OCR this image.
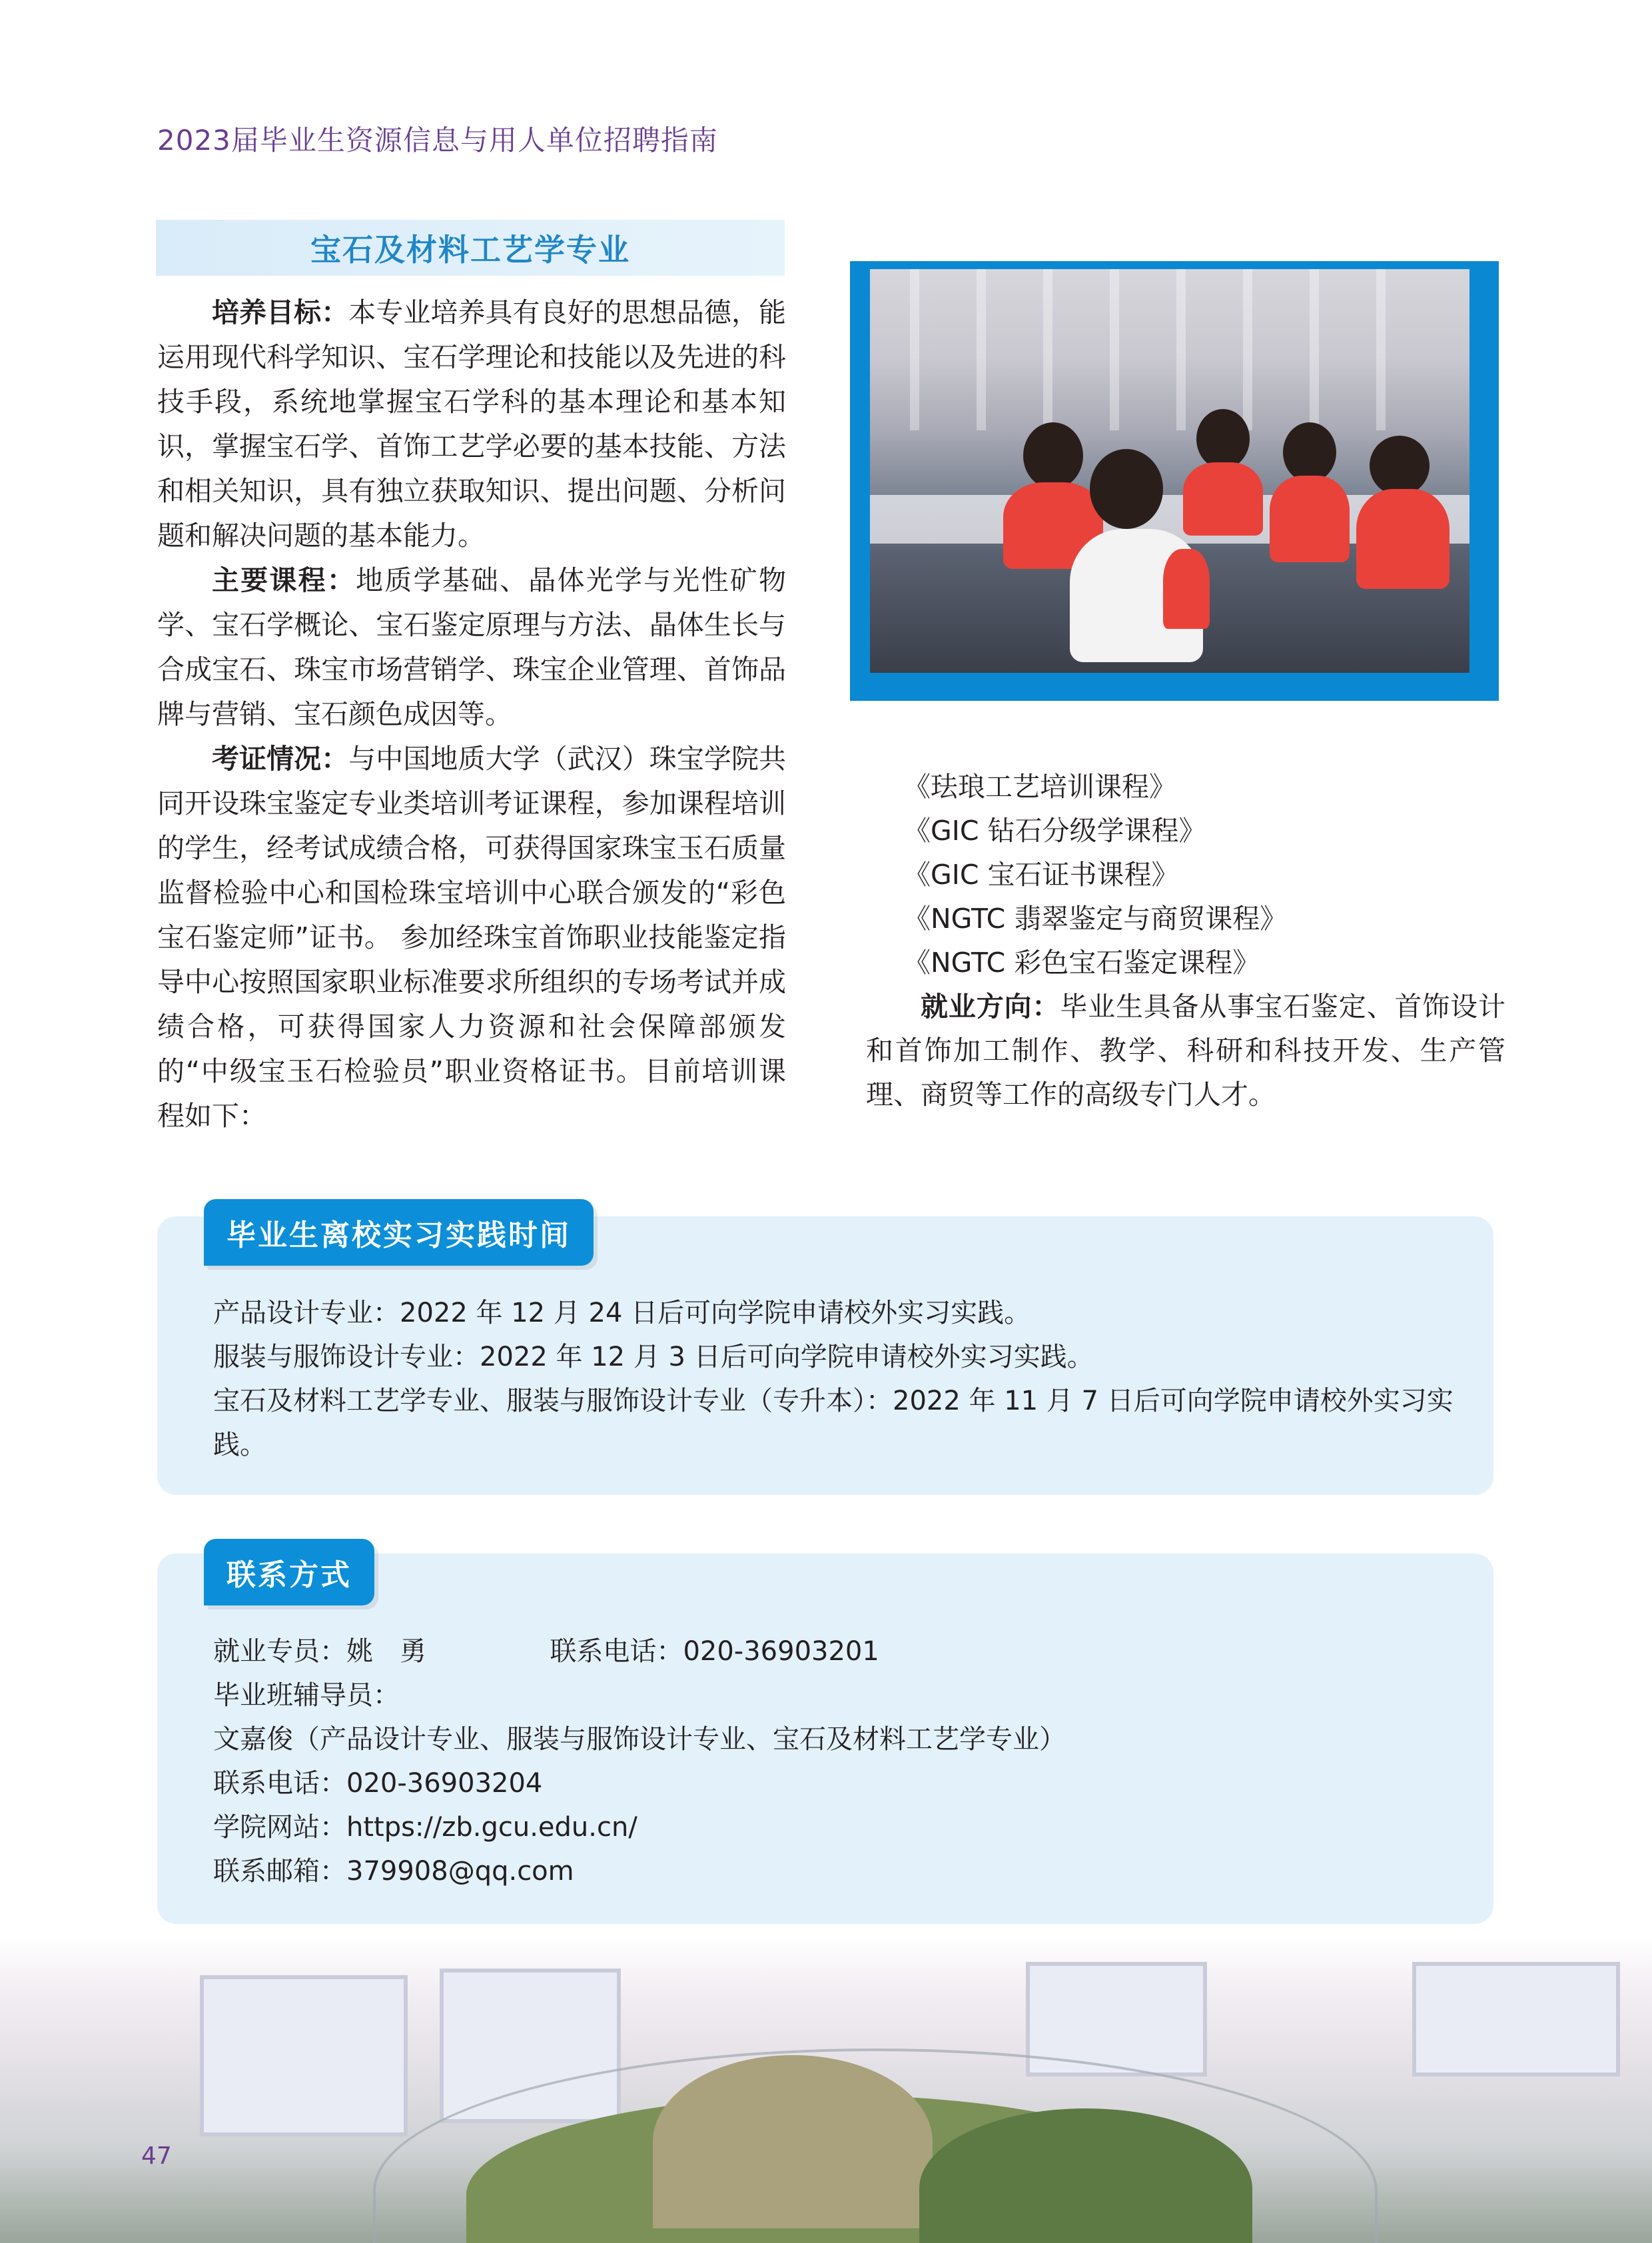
2023届毕业生资源信息与用人单位招聘指南
宝石及材料工艺学专业

培养目标：本专业培养具有良好的思想品德，能运用现代科学知识、宝石学理论和技能以及先进的科技手段，系统地掌握宝石学科的基本理论和基本知识，掌握宝石学、首饰工艺学必要的基本技能、方法和相关知识，具有独立获取知识、提出问题、分析问题和解决问题的基本能力。

主要课程：地质学基础、晶体光学与光性矿物学、宝石学概论、宝石鉴定原理与方法、晶体生长与合成宝石、珠宝市场营销学、珠宝企业管理、首饰品牌与营销、宝石颜色成因等。

考证情况：与中国地质大学（武汉）珠宝学院共同开设珠宝鉴定专业类培训考证课程，参加课程培训的学生，经考试成绩合格，可获得国家珠宝玉石质量监督检验中心和国检珠宝培训中心联合颁发的“彩色宝石鉴定师”证书。 参加经珠宝首饰职业技能鉴定指导中心按照国家职业标准要求所组织的专场考试并成绩合格，可获得国家人力资源和社会保障部颁发的“中级宝玉石检验员”职业资格证书。目前培训课程如下：

《珐琅工艺培训课程》

《GIC 钻石分级学课程》

《GIC 宝石证书课程》

《NGTC 翡翠鉴定与商贸课程》

《NGTC 彩色宝石鉴定课程》

就业方向：毕业生具备从事宝石鉴定、首饰设计和首饰加工制作、教学、科研和科技开发、生产管理、商贸等工作的高级专门人才。

毕业生离校实习实践时间

产品设计专业：2022 年 12 月 24 日后可向学院申请校外实习实践。

服装与服饰设计专业：2022 年 12 月 3 日后可向学院申请校外实习实践。

宝石及材料工艺学专业、服装与服饰设计专业（专升本）：2022 年 11 月 7 日后可向学院申请校外实习实践。

联系方式

就业专员：姚　勇	联系电话：020-36903201

毕业班辅导员：

文嘉俊（产品设计专业、服装与服饰设计专业、宝石及材料工艺学专业）

联系电话：020-36903204

学院网站：https://zb.gcu.edu.cn/

联系邮箱：379908@qq.com

47
